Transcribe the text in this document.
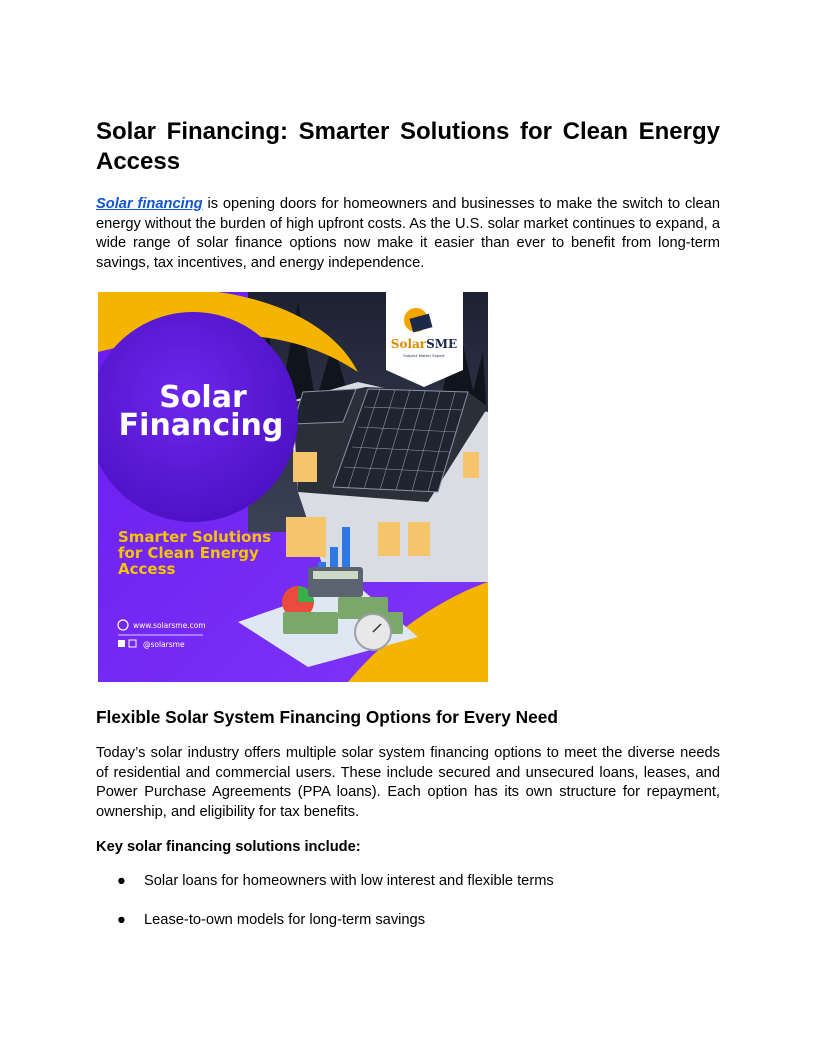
Solar Financing: Smarter Solutions for Clean Energy Access

Solar financing is opening doors for homeowners and businesses to make the switch to clean energy without the burden of high upfront costs. As the U.S. solar market continues to expand, a wide range of solar finance options now make it easier than ever to benefit from long-term savings, tax incentives, and energy independence.

Solar
Financing
Smarter Solutions
for Clean Energy
Access
www.solarsme.com
@solarsme
SolarSME
Subject Matter Expert
Flexible Solar System Financing Options for Every Need

Today’s solar industry offers multiple solar system financing options to meet the diverse needs of residential and commercial users. These include secured and unsecured loans, leases, and Power Purchase Agreements (PPA loans). Each option has its own structure for repayment, ownership, and eligibility for tax benefits.

Key solar financing solutions include:

● Solar loans for homeowners with low interest and flexible terms
● Lease-to-own models for long-term savings
